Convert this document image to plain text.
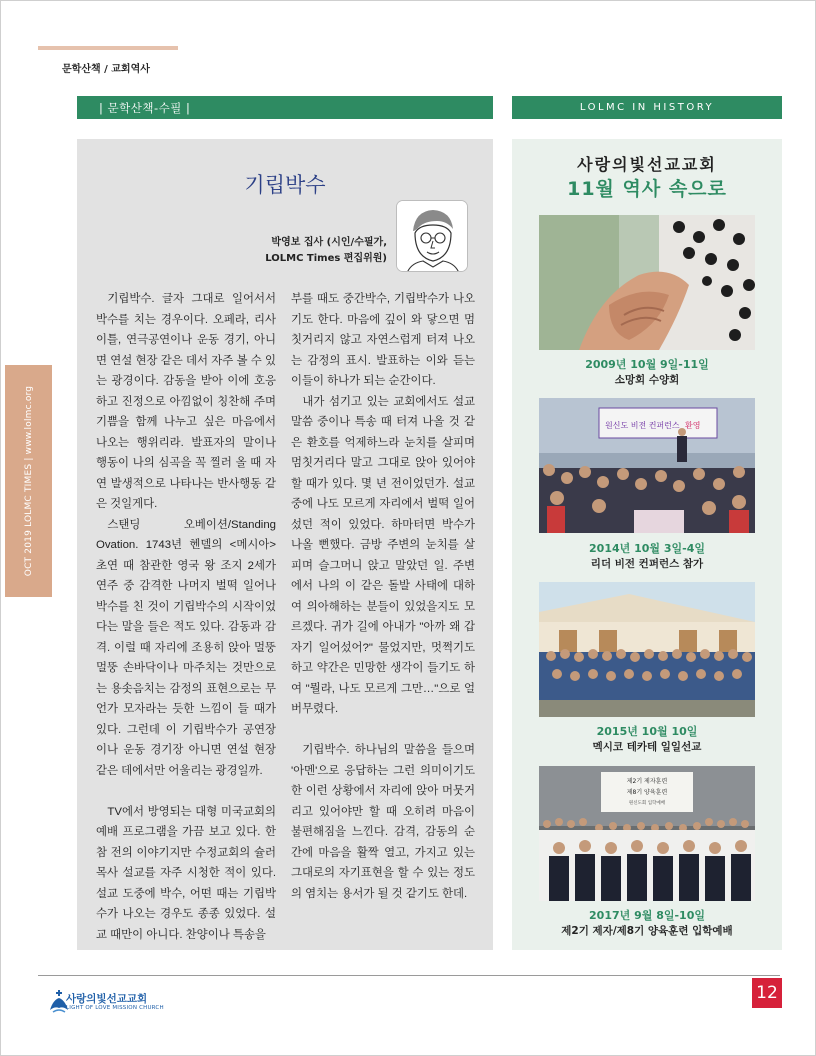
문학산책 / 교회역사
OCT 2019 LOLMC TIMES | www.lolmc.org
| 문학산책-수필 |	LOLMC IN HISTORY
기립박수
박영보 집사 (시인/수필가,
LOLMC Times 편집위원)

기립박수. 글자 그대로 일어서서 박수를 치는 경우이다. 오페라, 리사이틀, 연극공연이나 운동 경기, 아니면 연설 현장 같은 데서 자주 볼 수 있는 광경이다. 감동을 받아 이에 호응하고 진정으로 아낌없이 칭찬해 주며 기쁨을 함께 나누고 싶은 마음에서 나오는 행위리라. 발표자의 말이나 행동이 나의 심곡을 꼭 찔러 올 때 자연 발생적으로 나타나는 반사행동 같은 것일게다.

스탠딩 오베이션/Standing Ovation. 1743년 헨델의 <메시아> 초연 때 참관한 영국 왕 조지 2세가 연주 중 감격한 나머지 벌떡 일어나 박수를 친 것이 기립박수의 시작이었다는 말을 들은 적도 있다. 감동과 감격. 이럴 때 자리에 조용히 앉아 멀뚱멀뚱 손바닥이나 마주치는 것만으로는 용솟음치는 감정의 표현으로는 무언가 모자라는 듯한 느낌이 들 때가 있다. 그런데 이 기립박수가 공연장이나 운동 경기장 아니면 연설 현장 같은 데에서만 어울리는 광경일까.

TV에서 방영되는 대형 미국교회의 예배 프로그램을 가끔 보고 있다. 한참 전의 이야기지만 수정교회의 슐러 목사 설교를 자주 시청한 적이 있다. 설교 도중에 박수, 어떤 때는 기립박수가 나오는 경우도 종종 있었다. 설교 때만이 아니다. 찬양이나 특송을

부를 때도 중간박수, 기립박수가 나오기도 한다. 마음에 깊이 와 닿으면 멈칫거리지 않고 자연스럽게 터져 나오는 감정의 표시. 발표하는 이와 듣는 이들이 하나가 되는 순간이다.

내가 섬기고 있는 교회에서도 설교 말씀 중이나 특송 때 터져 나올 것 같은 환호를 억제하느라 눈치를 살피며 멈칫거리다 말고 그대로 앉아 있어야 할 때가 있다. 몇 년 전이었던가. 설교 중에 나도 모르게 자리에서 벌떡 일어섰던 적이 있었다. 하마터면 박수가 나올 뻔했다. 금방 주변의 눈치를 살피며 슬그머니 앉고 말았던 일. 주변에서 나의 이 같은 돌발 사태에 대하여 의아해하는 분들이 있었을지도 모르겠다. 귀가 길에 아내가 "아까 왜 갑자기 일어섰어?" 물었지만, 멋쩍기도 하고 약간은 민망한 생각이 들기도 하여 "뭘라, 나도 모르게 그만…"으로 얼버무렸다.

기립박수. 하나님의 말씀을 들으며 '아멘'으로 응답하는 그런 의미이기도 한 이런 상황에서 자리에 앉아 머뭇거리고 있어야만 할 때 오히려 마음이 불편해짐을 느낀다. 감격, 감동의 순간에 마음을 활짝 열고, 가지고 있는 그대로의 자기표현을 할 수 있는 정도의 염치는 용서가 될 것 같기도 한데.

사랑의빛선교교회
11월 역사 속으로
2009년 10월 9일-11일
소망회 수양회
원신도 비전 컨퍼런스 환영
2014년 10월 3일-4일
리더 비전 컨퍼런스 참가
2015년 10월 10일
멕시코 테카테 일일선교
제2기 제자훈련
제8기 양육훈련
원신도회 입학예배
2017년 9월 8일-10일
제2기 제자/제8기 양육훈련 입학예배
사랑의빛선교교회
LIGHT OF LOVE MISSION CHURCH
12
